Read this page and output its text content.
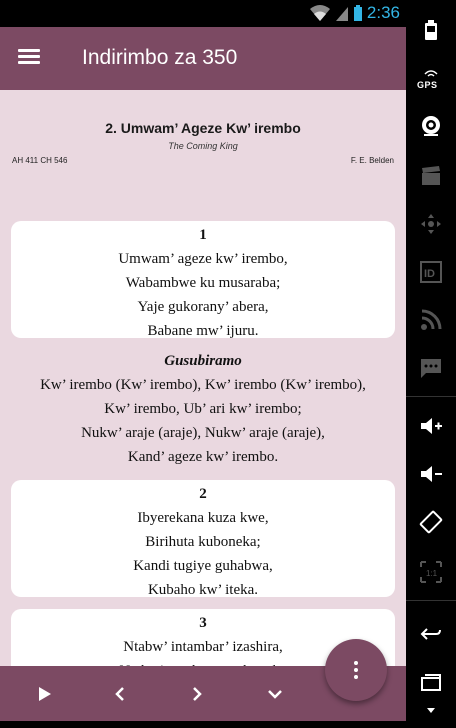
2:36
Indirimbo za 350
2. Umwam’ Ageze Kw’ irembo
The Coming King
AH 411 CH 546	F. E. Belden
1
Umwam’ ageze kw’ irembo,
Wabambwe ku musaraba;
Yaje gukorany’ abera,
Babane mw’ ijuru.
Gusubiramo
Kw’ irembo (Kw’ irembo), Kw’ irembo (Kw’ irembo),
Kw’ irembo, Ub’ ari kw’ irembo;
Nukw’ araje (araje), Nukw’ araje (araje),
Kand’ ageze kw’ irembo.
2
Ibyerekana kuza kwe,
Birihuta kuboneka;
Kandi tugiye guhabwa,
Kubaho kw’ iteka.
3
Ntabw’ intambar’ izashira,
GPS
ID
1:1
